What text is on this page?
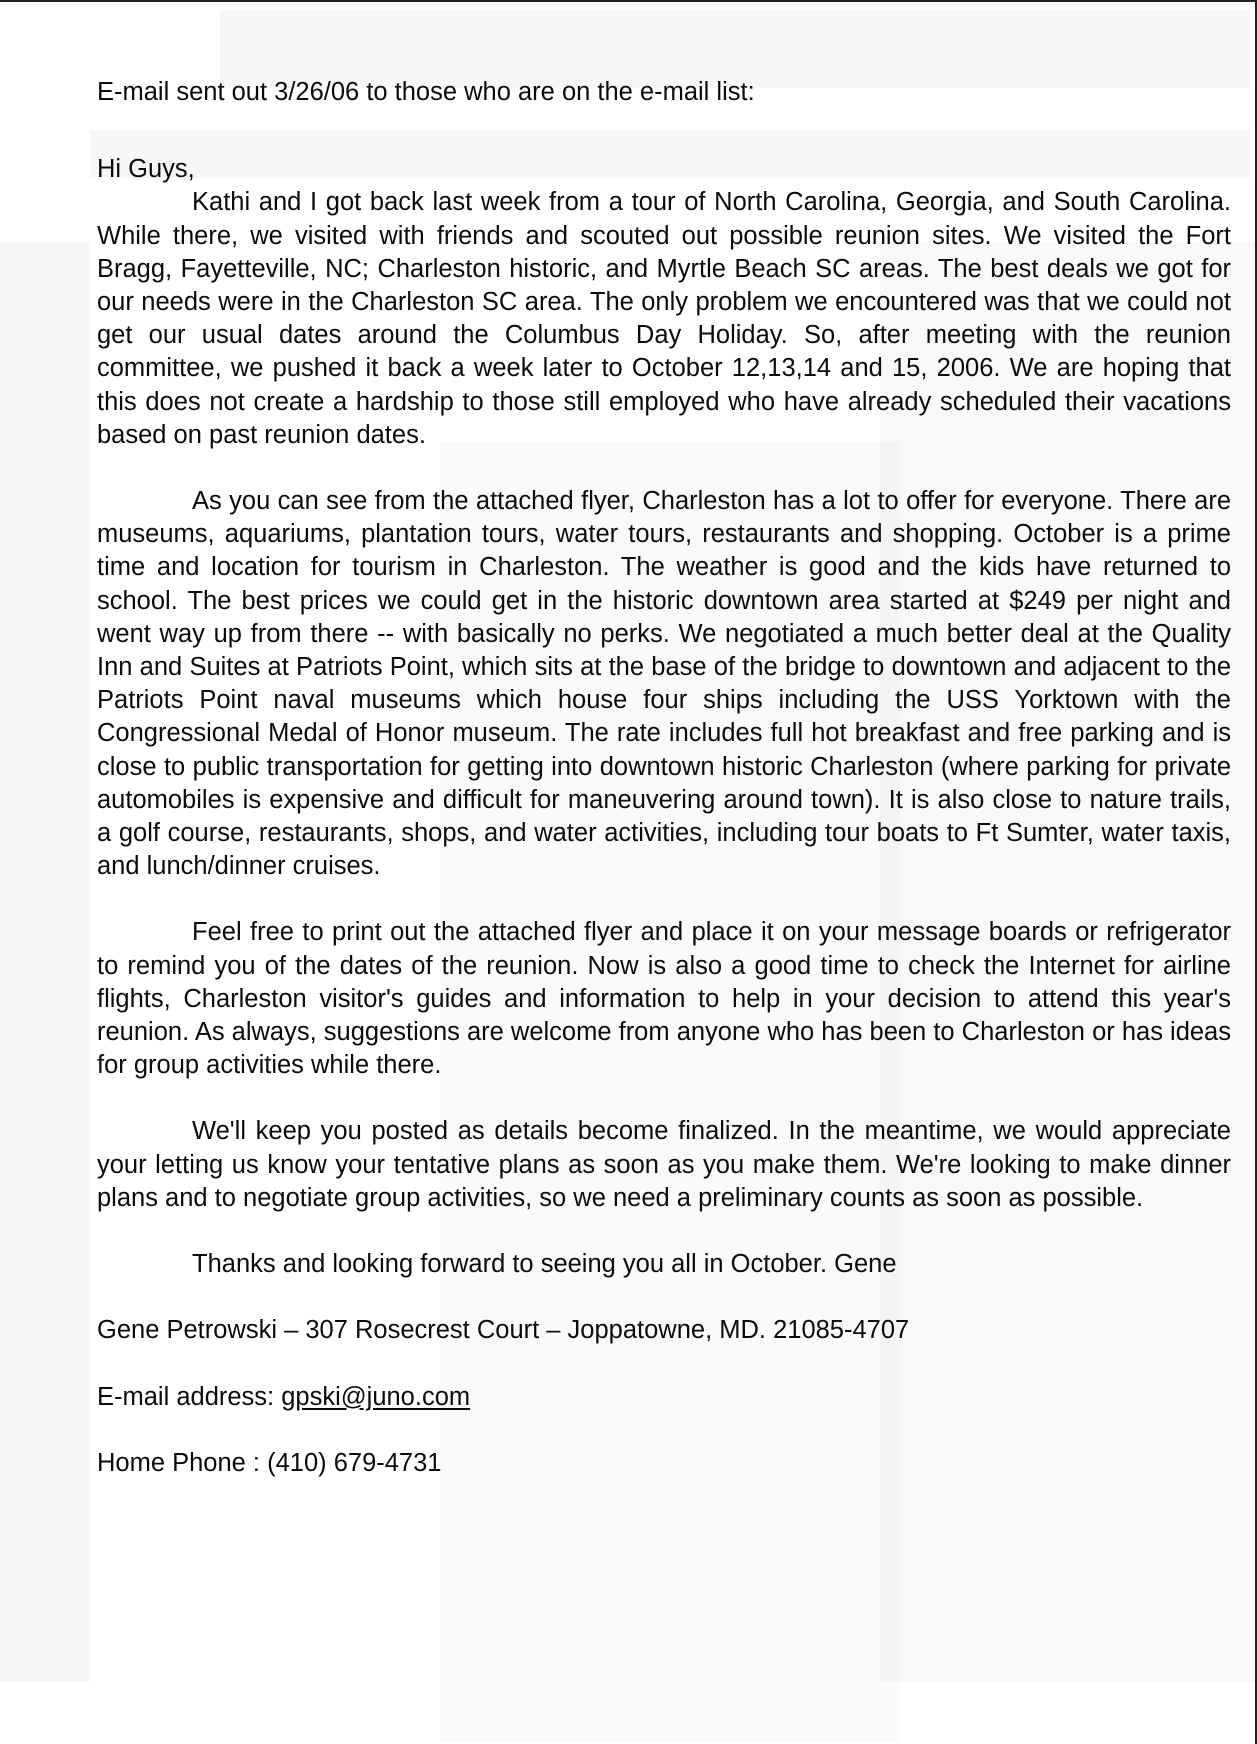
E-mail sent out 3/26/06 to those who are on the e-mail list:

Hi Guys,

Kathi and I got back last week from a tour of North Carolina, Georgia, and South Carolina. While there, we visited with friends and scouted out possible reunion sites. We visited the Fort Bragg, Fayetteville, NC; Charleston historic, and Myrtle Beach SC areas. The best deals we got for our needs were in the Charleston SC area. The only problem we encountered was that we could not get our usual dates around the Columbus Day Holiday. So, after meeting with the reunion committee, we pushed it back a week later to October 12,13,14 and 15, 2006. We are hoping that this does not create a hardship to those still employed who have already scheduled their vacations based on past reunion dates.

As you can see from the attached flyer, Charleston has a lot to offer for everyone. There are museums, aquariums, plantation tours, water tours, restaurants and shopping. October is a prime time and location for tourism in Charleston. The weather is good and the kids have returned to school. The best prices we could get in the historic downtown area started at $249 per night and went way up from there -- with basically no perks. We negotiated a much better deal at the Quality Inn and Suites at Patriots Point, which sits at the base of the bridge to downtown and adjacent to the Patriots Point naval museums which house four ships including the USS Yorktown with the Congressional Medal of Honor museum. The rate includes full hot breakfast and free parking and is close to public transportation for getting into downtown historic Charleston (where parking for private automobiles is expensive and difficult for maneuvering around town). It is also close to nature trails, a golf course, restaurants, shops, and water activities, including tour boats to Ft Sumter, water taxis, and lunch/dinner cruises.

Feel free to print out the attached flyer and place it on your message boards or refrigerator to remind you of the dates of the reunion. Now is also a good time to check the Internet for airline flights, Charleston visitor's guides and information to help in your decision to attend this year's reunion. As always, suggestions are welcome from anyone who has been to Charleston or has ideas for group activities while there.

We'll keep you posted as details become finalized. In the meantime, we would appreciate your letting us know your tentative plans as soon as you make them. We're looking to make dinner plans and to negotiate group activities, so we need a preliminary counts as soon as possible.

Thanks and looking forward to seeing you all in October. Gene

Gene Petrowski – 307 Rosecrest Court – Joppatowne, MD. 21085-4707

E-mail address: gpski@juno.com

Home Phone : (410) 679-4731
